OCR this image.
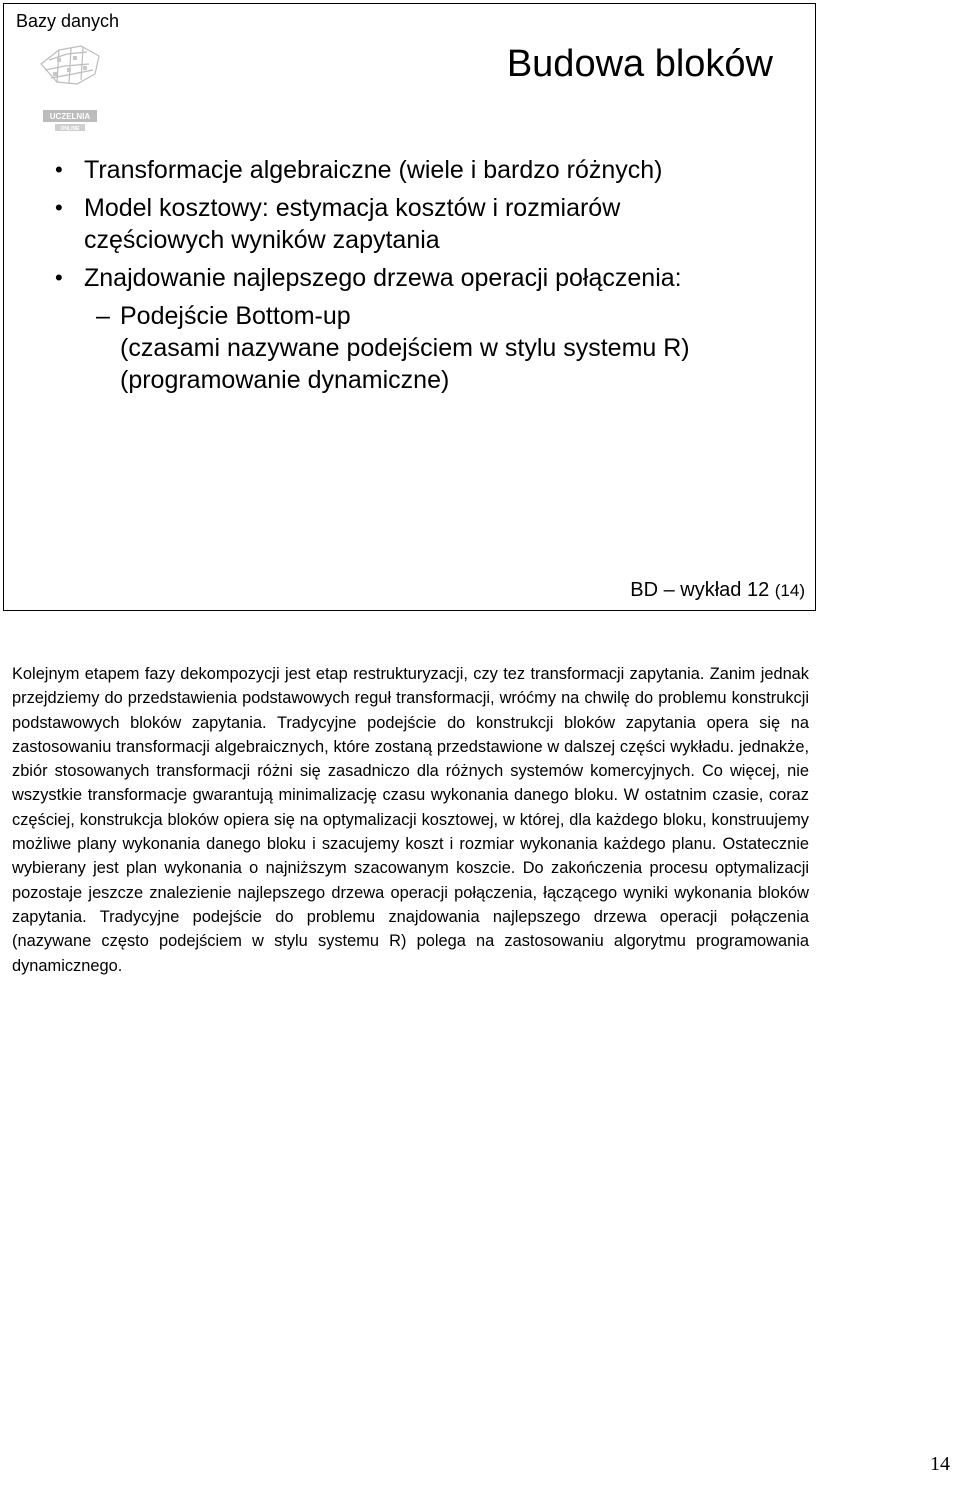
Bazy danych
UCZELNIA
ONLINE
Budowa bloków
• Transformacje algebraiczne (wiele i bardzo różnych)
• Model kosztowy: estymacja kosztów i rozmiarów
częściowych wyników zapytania
• Znajdowanie najlepszego drzewa operacji połączenia:
– Podejście Bottom-up
(czasami nazywane podejściem w stylu systemu R)
(programowanie dynamiczne)
BD – wykład 12 (14)
Kolejnym etapem fazy dekompozycji jest etap restrukturyzacji, czy tez transformacji zapytania. Zanim jednak przejdziemy do przedstawienia podstawowych reguł transformacji, wróćmy na chwilę do problemu konstrukcji podstawowych bloków zapytania. Tradycyjne podejście do konstrukcji bloków zapytania opera się na zastosowaniu transformacji algebraicznych, które zostaną przedstawione w dalszej części wykładu. jednakże, zbiór stosowanych transformacji różni się zasadniczo dla różnych systemów komercyjnych. Co więcej, nie wszystkie transformacje gwarantują minimalizację czasu wykonania danego bloku. W ostatnim czasie, coraz częściej, konstrukcja bloków opiera się na optymalizacji kosztowej, w której, dla każdego bloku, konstruujemy możliwe plany wykonania danego bloku i szacujemy koszt i rozmiar wykonania każdego planu. Ostatecznie wybierany jest plan wykonania o najniższym szacowanym koszcie. Do zakończenia procesu optymalizacji pozostaje jeszcze znalezienie najlepszego drzewa operacji połączenia, łączącego wyniki wykonania bloków zapytania. Tradycyjne podejście do problemu znajdowania najlepszego drzewa operacji połączenia (nazywane często podejściem w stylu systemu R) polega na zastosowaniu algorytmu programowania dynamicznego.
14
